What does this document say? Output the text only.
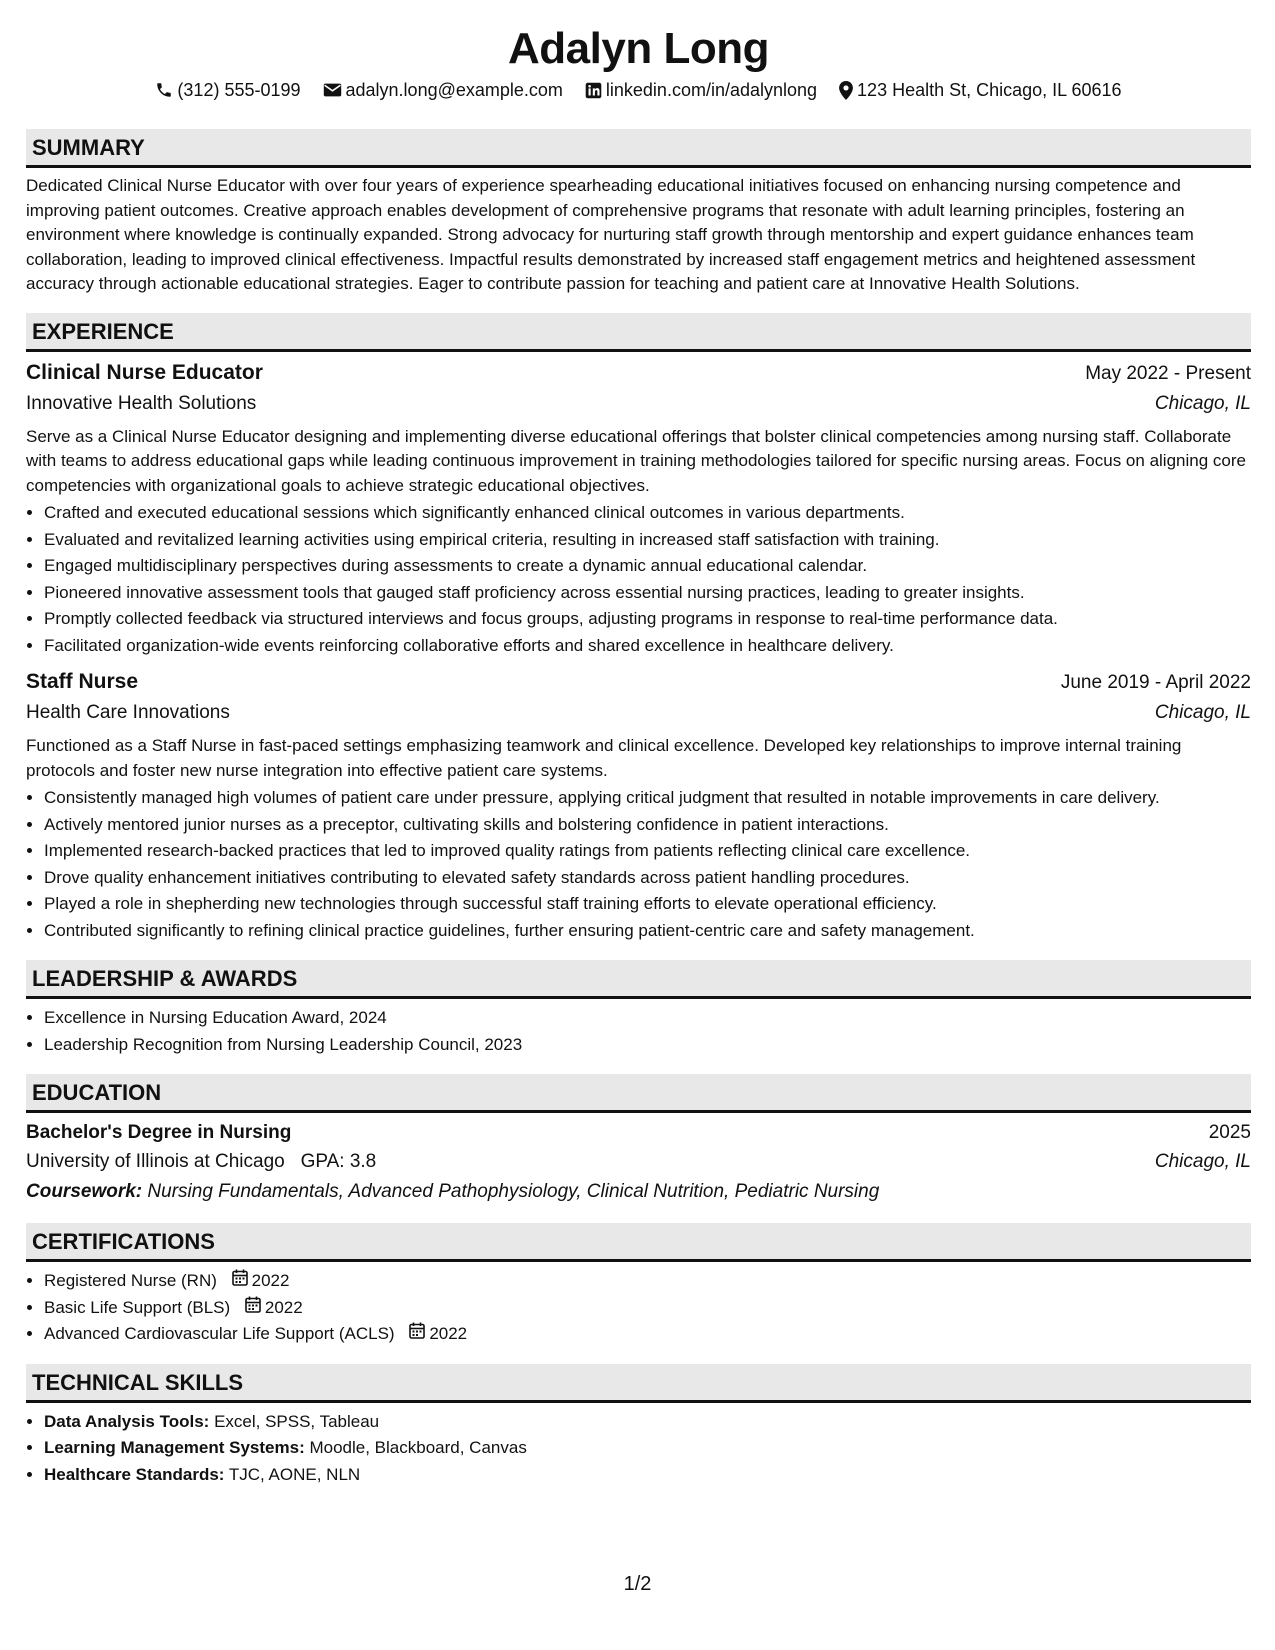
Adalyn Long
(312) 555-0199	adalyn.long@example.com linkedin.com/in/adalynlong 123 Health St, Chicago, IL 60616
SUMMARY

Dedicated Clinical Nurse Educator with over four years of experience spearheading educational initiatives focused on enhancing nursing competence and improving patient outcomes. Creative approach enables development of comprehensive programs that resonate with adult learning principles, fostering an environment where knowledge is continually expanded. Strong advocacy for nurturing staff growth through mentorship and expert guidance enhances team collaboration, leading to improved clinical effectiveness. Impactful results demonstrated by increased staff engagement metrics and heightened assessment accuracy through actionable educational strategies. Eager to contribute passion for teaching and patient care at Innovative Health Solutions.

EXPERIENCE
Clinical Nurse Educator	May 2022 - Present
Innovative Health Solutions	Chicago, IL

Serve as a Clinical Nurse Educator designing and implementing diverse educational offerings that bolster clinical competencies among nursing staff. Collaborate with teams to address educational gaps while leading continuous improvement in training methodologies tailored for specific nursing areas. Focus on aligning core competencies with organizational goals to achieve strategic educational objectives.

• Crafted and executed educational sessions which significantly enhanced clinical outcomes in various departments.
• Evaluated and revitalized learning activities using empirical criteria, resulting in increased staff satisfaction with training.
• Engaged multidisciplinary perspectives during assessments to create a dynamic annual educational calendar.
• Pioneered innovative assessment tools that gauged staff proficiency across essential nursing practices, leading to greater insights.
• Promptly collected feedback via structured interviews and focus groups, adjusting programs in response to real-time performance data.
• Facilitated organization-wide events reinforcing collaborative efforts and shared excellence in healthcare delivery.
Staff Nurse	June 2019 - April 2022
Health Care Innovations	Chicago, IL

Functioned as a Staff Nurse in fast-paced settings emphasizing teamwork and clinical excellence. Developed key relationships to improve internal training protocols and foster new nurse integration into effective patient care systems.

• Consistently managed high volumes of patient care under pressure, applying critical judgment that resulted in notable improvements in care delivery.
• Actively mentored junior nurses as a preceptor, cultivating skills and bolstering confidence in patient interactions.
• Implemented research-backed practices that led to improved quality ratings from patients reflecting clinical care excellence.
• Drove quality enhancement initiatives contributing to elevated safety standards across patient handling procedures.
• Played a role in shepherding new technologies through successful staff training efforts to elevate operational efficiency.
• Contributed significantly to refining clinical practice guidelines, further ensuring patient-centric care and safety management.
LEADERSHIP & AWARDS
• Excellence in Nursing Education Award, 2024
• Leadership Recognition from Nursing Leadership Council, 2023
EDUCATION
Bachelor's Degree in Nursing	2025
University of Illinois at Chicago GPA: 3.8	Chicago, IL
Coursework: Nursing Fundamentals, Advanced Pathophysiology, Clinical Nutrition, Pediatric Nursing
CERTIFICATIONS
• Registered Nurse (RN) 2022
• Basic Life Support (BLS) 2022
• Advanced Cardiovascular Life Support (ACLS) 2022
TECHNICAL SKILLS
• Data Analysis Tools: Excel, SPSS, Tableau
• Learning Management Systems: Moodle, Blackboard, Canvas
• Healthcare Standards: TJC, AONE, NLN
1/2
